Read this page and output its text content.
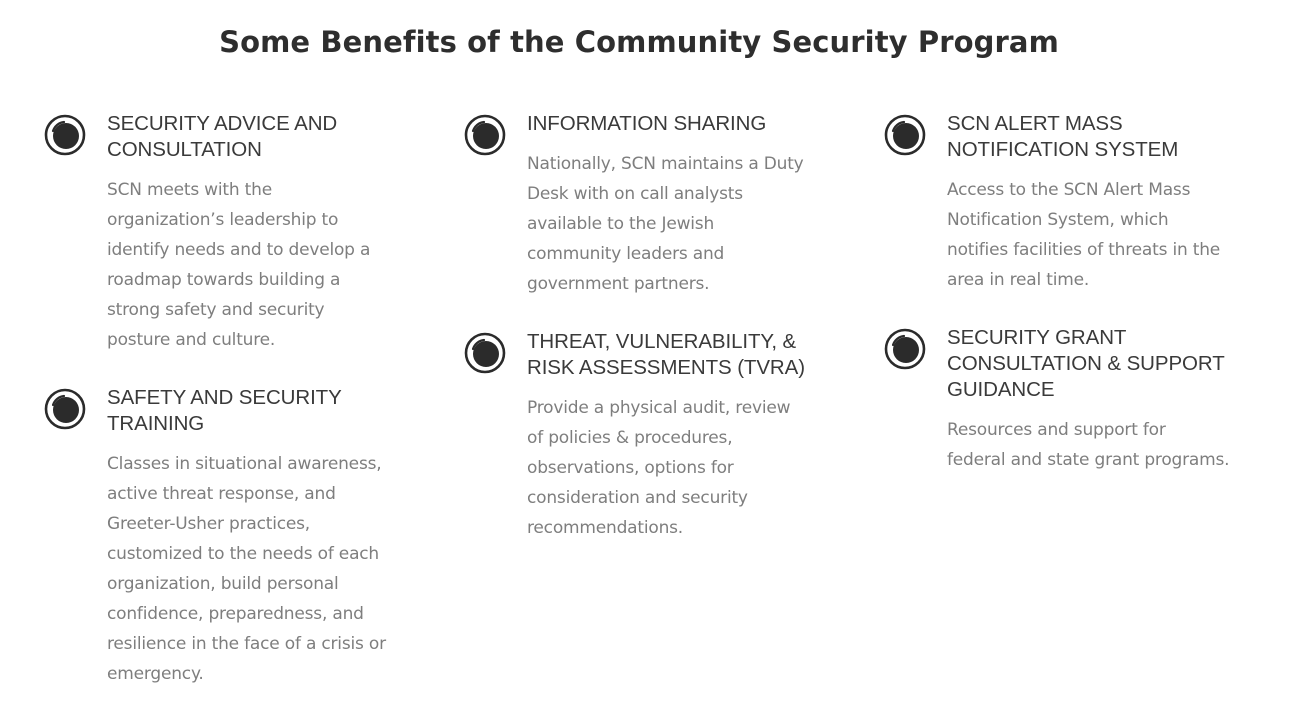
Some Benefits of the Community Security Program
SECURITY ADVICE AND
CONSULTATION

SCN meets with the
organization’s leadership to
identify needs and to develop a
roadmap towards building a
strong safety and security
posture and culture.

SAFETY AND SECURITY
TRAINING

Classes in situational awareness,
active threat response, and
Greeter-Usher practices,
customized to the needs of each
organization, build personal
confidence, preparedness, and
resilience in the face of a crisis or
emergency.

INFORMATION SHARING

Nationally, SCN maintains a Duty
Desk with on call analysts
available to the Jewish
community leaders and
government partners.

THREAT, VULNERABILITY, &
RISK ASSESSMENTS (TVRA)

Provide a physical audit, review
of policies & procedures,
observations, options for
consideration and security
recommendations.

SCN ALERT MASS
NOTIFICATION SYSTEM

Access to the SCN Alert Mass
Notification System, which
notifies facilities of threats in the
area in real time.

SECURITY GRANT
CONSULTATION & SUPPORT
GUIDANCE

Resources and support for
federal and state grant programs.
